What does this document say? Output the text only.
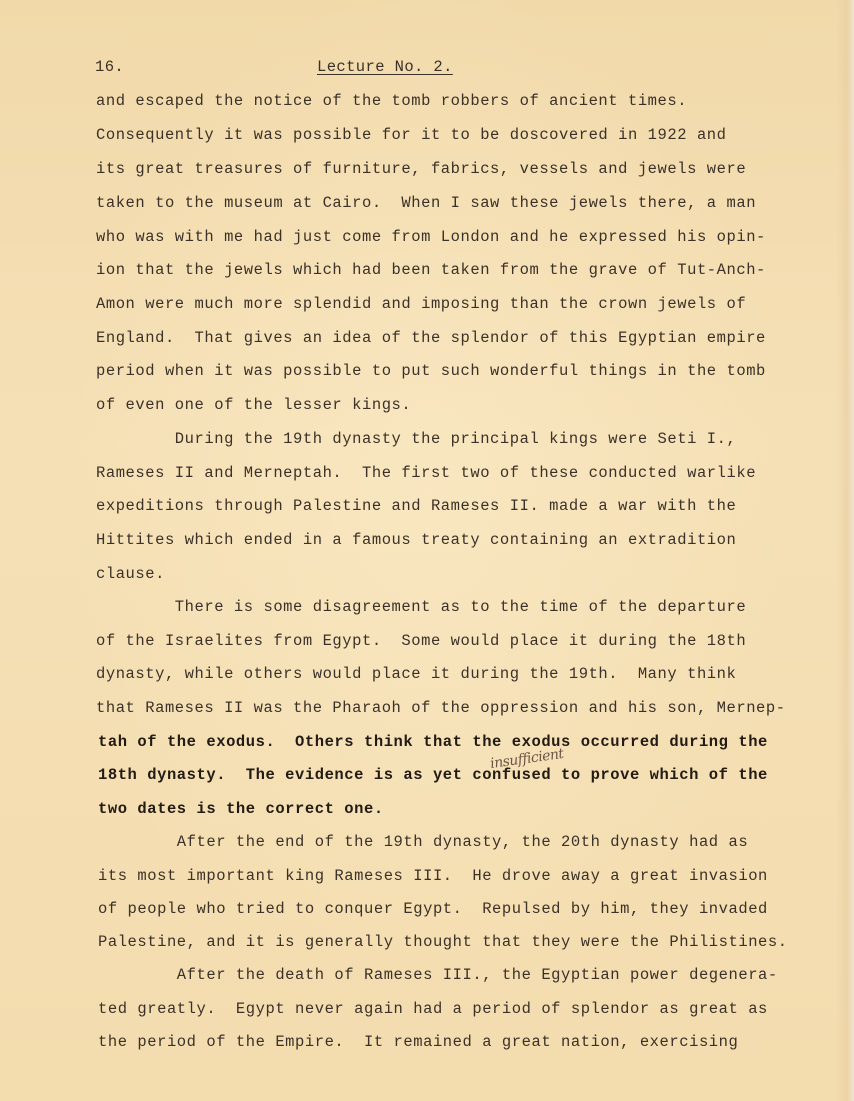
16.	Lecture No. 2.
and escaped the notice of the tomb robbers of ancient times.
Consequently it was possible for it to be doscovered in 1922 and
its great treasures of furniture, fabrics, vessels and jewels were
taken to the museum at Cairo.  When I saw these jewels there, a man
who was with me had just come from London and he expressed his opin-
ion that the jewels which had been taken from the grave of Tut-Anch-
Amon were much more splendid and imposing than the crown jewels of
England.  That gives an idea of the splendor of this Egyptian empire
period when it was possible to put such wonderful things in the tomb
of even one of the lesser kings.
During the 19th dynasty the principal kings were Seti I.,
Rameses II and Merneptah.  The first two of these conducted warlike
expeditions through Palestine and Rameses II. made a war with the
Hittites which ended in a famous treaty containing an extradition
clause.
There is some disagreement as to the time of the departure
of the Israelites from Egypt.  Some would place it during the 18th
dynasty, while others would place it during the 19th.  Many think
that Rameses II was the Pharaoh of the oppression and his son, Mernep-
tah of the exodus.  Others think that the exodus occurred during the
18th dynasty.  The evidence is as yet confused to prove which of the
two dates is the correct one.
After the end of the 19th dynasty, the 20th dynasty had as
its most important king Rameses III.  He drove away a great invasion
of people who tried to conquer Egypt.  Repulsed by him, they invaded
Palestine, and it is generally thought that they were the Philistines.
After the death of Rameses III., the Egyptian power degenera-
ted greatly.  Egypt never again had a period of splendor as great as
the period of the Empire.  It remained a great nation, exercising
insufficient
